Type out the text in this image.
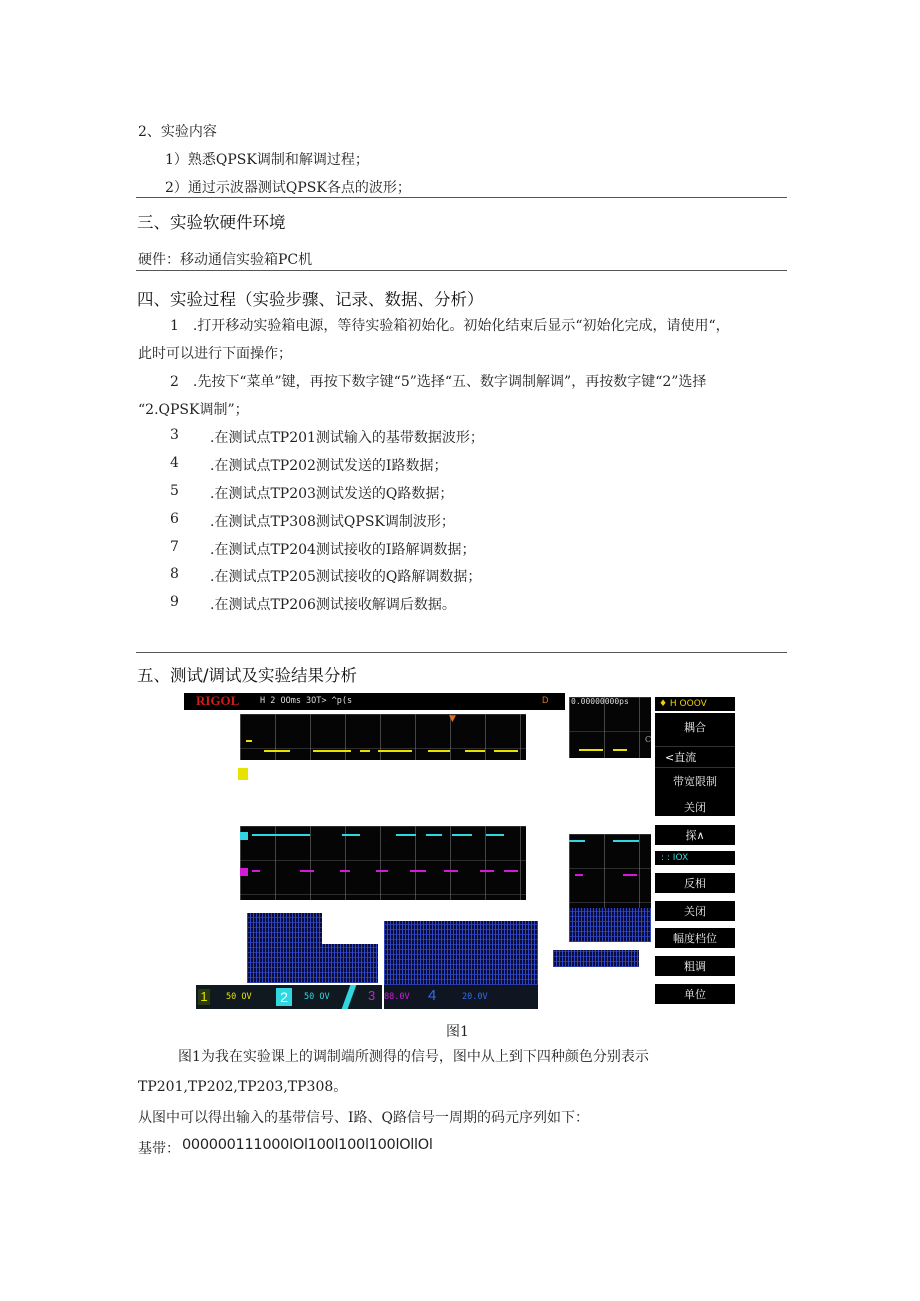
2、实验内容
1）熟悉QPSK调制和解调过程；
2）通过示波器测试QPSK各点的波形；
三、实验软硬件环境
硬件：移动通信实验箱PC机
四、实验过程（实验步骤、记录、数据、分析）
1　.打开移动实验箱电源，等待实验箱初始化。初始化结束后显示“初始化完成，请使用“，
此时可以进行下面操作；
2　.先按下“菜单”键，再按下数字键“5”选择“五、数字调制解调”，再按数字键“2”选择
“2.QPSK调制”；
3 .在测试点TP201测试输入的基带数据波形；
4 .在测试点TP202测试发送的I路数据；
5 .在测试点TP203测试发送的Q路数据；
6 .在测试点TP308测试QPSK调制波形；
7 .在测试点TP204测试接收的I路解调数据；
8 .在测试点TP205测试接收的Q路解调数据；
9 .在测试点TP206测试接收解调后数据。
五、测试/调试及实验结果分析
RIGOL H 2 OOms 3OT> ^p(s	D
▼
1 50 OV 2	50 OV	3 88.0V 4	20.0V
0.00000000ps
C
♦ H OOOV
耦合
<直流
带宽限制
关闭
探∧
: : IOX
反相
关闭
幅度档位
粗调
单位
图1
图1为我在实验课上的调制端所测得的信号，图中从上到下四种颜色分别表示
TP201,TP202,TP203,TP308。
从图中可以得出输入的基带信号、I路、Q路信号一周期的码元序列如下：
基带： 000000111000lOl100l100l100lOllOl
